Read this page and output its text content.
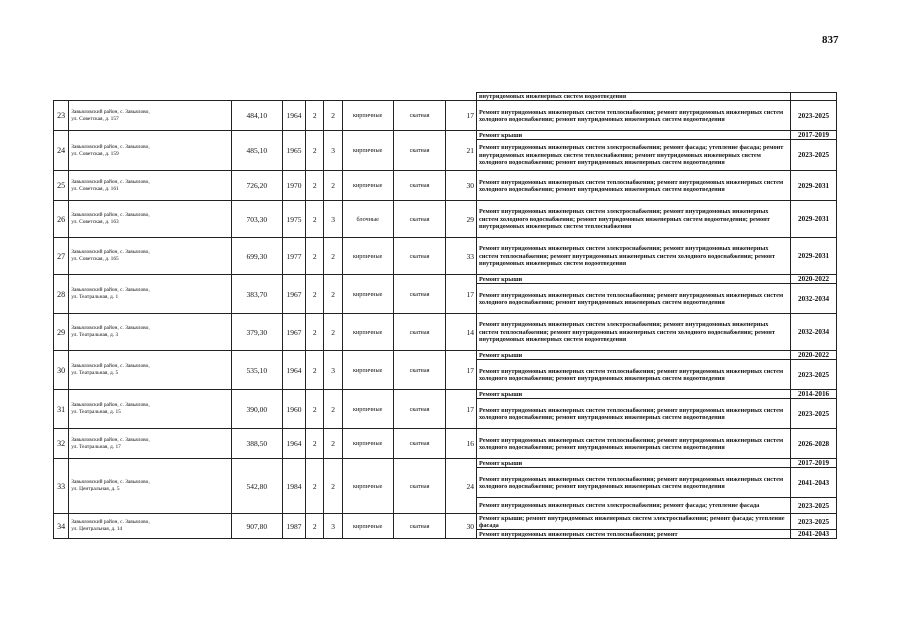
837
									внутридомовых инженерных систем водоотведения	
23	Завьяловский район, с. Завьялово,
ул. Советская, д. 157	484,10	1964	2	2	кирпичные	скатная	17	Ремонт внутридомовых инженерных систем теплоснабжения; ремонт внутридомовых инженерных систем холодного водоснабжения; ремонт внутридомовых инженерных систем водоотведения	2023-2025
24	Завьяловский район, с. Завьялово,
ул. Советская, д. 159	485,10	1965	2	3	кирпичные	скатная	21	Ремонт крыши	2017-2019
									Ремонт внутридомовых инженерных систем электроснабжения; ремонт фасада; утепление фасада; ремонт внутридомовых инженерных систем теплоснабжения; ремонт внутридомовых инженерных систем холодного водоснабжения; ремонт внутридомовых инженерных систем водоотведения	2023-2025
25	Завьяловский район, с. Завьялово,
ул. Советская, д. 161	726,20	1970	2	2	кирпичные	скатная	30	Ремонт внутридомовых инженерных систем теплоснабжения; ремонт внутридомовых инженерных систем холодного водоснабжения; ремонт внутридомовых инженерных систем водоотведения	2029-2031
26	Завьяловский район, с. Завьялово,
ул. Советская, д. 163	703,30	1975	2	3	блочные	скатная	29	Ремонт внутридомовых инженерных систем электроснабжения; ремонт внутридомовых инженерных систем холодного водоснабжения; ремонт внутридомовых инженерных систем водоотведения; ремонт внутридомовых инженерных систем теплоснабжения	2029-2031
27	Завьяловский район, с. Завьялово,
ул. Советская, д. 165	699,30	1977	2	2	кирпичные	скатная	33	Ремонт внутридомовых инженерных систем электроснабжения; ремонт внутридомовых инженерных систем теплоснабжения; ремонт внутридомовых инженерных систем холодного водоснабжения; ремонт внутридомовых инженерных систем водоотведения	2029-2031
28	Завьяловский район, с. Завьялово,
ул. Театральная, д. 1	383,70	1967	2	2	кирпичные	скатная	17	Ремонт крыши	2020-2022
									Ремонт внутридомовых инженерных систем теплоснабжения; ремонт внутридомовых инженерных систем холодного водоснабжения; ремонт внутридомовых инженерных систем водоотведения	2032-2034
29	Завьяловский район, с. Завьялово,
ул. Театральная, д. 3	379,30	1967	2	2	кирпичные	скатная	14	Ремонт внутридомовых инженерных систем электроснабжения; ремонт внутридомовых инженерных систем теплоснабжения; ремонт внутридомовых инженерных систем холодного водоснабжения; ремонт внутридомовых инженерных систем водоотведения	2032-2034
30	Завьяловский район, с. Завьялово,
ул. Театральная, д. 5	535,10	1964	2	3	кирпичные	скатная	17	Ремонт крыши	2020-2022
									Ремонт внутридомовых инженерных систем теплоснабжения; ремонт внутридомовых инженерных систем холодного водоснабжения; ремонт внутридомовых инженерных систем водоотведения	2023-2025
31	Завьяловский район, с. Завьялово,
ул. Театральная, д. 15	390,00	1960	2	2	кирпичные	скатная	17	Ремонт крыши	2014-2016
									Ремонт внутридомовых инженерных систем теплоснабжения; ремонт внутридомовых инженерных систем холодного водоснабжения; ремонт внутридомовых инженерных систем водоотведения	2023-2025
32	Завьяловский район, с. Завьялово,
ул. Театральная, д. 17	388,50	1964	2	2	кирпичные	скатная	16	Ремонт внутридомовых инженерных систем теплоснабжения; ремонт внутридомовых инженерных систем холодного водоснабжения; ремонт внутридомовых инженерных систем водоотведения	2026-2028
33	Завьяловский район, с. Завьялово,
ул. Центральная, д. 5	542,80	1984	2	2	кирпичные	скатная	24	Ремонт крыши	2017-2019
									Ремонт внутридомовых инженерных систем теплоснабжения; ремонт внутридомовых инженерных систем холодного водоснабжения; ремонт внутридомовых инженерных систем водоотведения	2041-2043
									Ремонт внутридомовых инженерных систем электроснабжения; ремонт фасада; утепление фасада	2023-2025
34	Завьяловский район, с. Завьялово,
ул. Центральная, д. 14	907,80	1987	2	3	кирпичные	скатная	30	Ремонт крыши; ремонт внутридомовых инженерных систем электроснабжения; ремонт фасада; утепление фасада	2023-2025
									Ремонт внутридомовых инженерных систем теплоснабжения; ремонт	2041-2043
